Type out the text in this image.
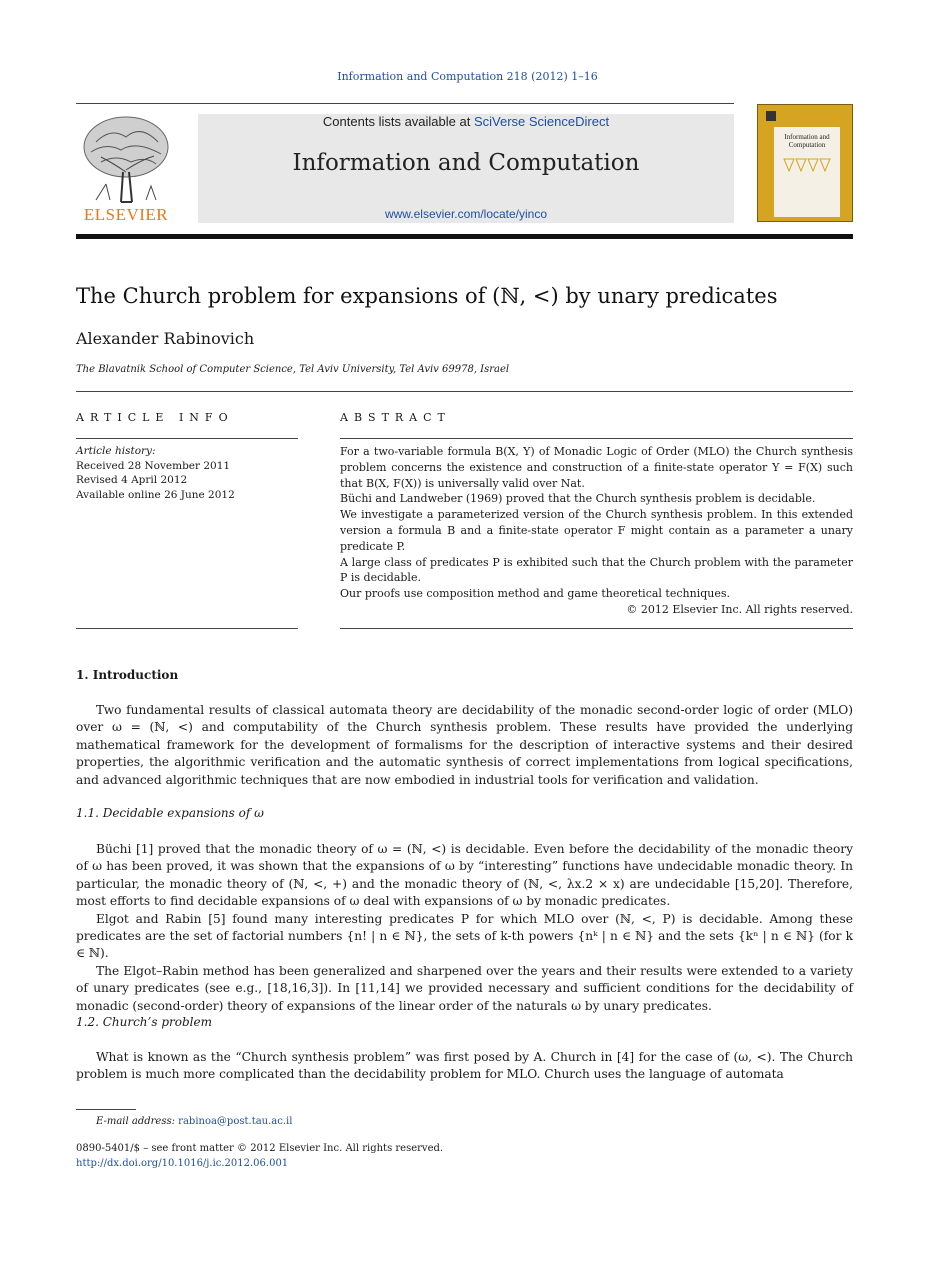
Information and Computation 218 (2012) 1–16
ELSEVIER
Contents lists available at SciVerse ScienceDirect
Information and Computation
www.elsevier.com/locate/yinco
Information and Computation
The Church problem for expansions of (ℕ, <) by unary predicates
Alexander Rabinovich
The Blavatnik School of Computer Science, Tel Aviv University, Tel Aviv 69978, Israel
ARTICLE INFO	ABSTRACT
Article history:
Received 28 November 2011
Revised 4 April 2012
Available online 26 June 2012

For a two-variable formula B(X, Y) of Monadic Logic of Order (MLO) the Church synthesis problem concerns the existence and construction of a finite-state operator Y = F(X) such that B(X, F(X)) is universally valid over Nat.

Büchi and Landweber (1969) proved that the Church synthesis problem is decidable.

We investigate a parameterized version of the Church synthesis problem. In this extended version a formula B and a finite-state operator F might contain as a parameter a unary predicate P.

A large class of predicates P is exhibited such that the Church problem with the parameter P is decidable.

Our proofs use composition method and game theoretical techniques.

© 2012 Elsevier Inc. All rights reserved.

1. Introduction

Two fundamental results of classical automata theory are decidability of the monadic second-order logic of order (MLO) over ω = (ℕ, <) and computability of the Church synthesis problem. These results have provided the underlying mathematical framework for the development of formalisms for the description of interactive systems and their desired properties, the algorithmic verification and the automatic synthesis of correct implementations from logical specifications, and advanced algorithmic techniques that are now embodied in industrial tools for verification and validation.

1.1. Decidable expansions of ω

Büchi [1] proved that the monadic theory of ω = (ℕ, <) is decidable. Even before the decidability of the monadic theory of ω has been proved, it was shown that the expansions of ω by “interesting” functions have undecidable monadic theory. In particular, the monadic theory of (ℕ, <, +) and the monadic theory of (ℕ, <, λx.2 × x) are undecidable [15,20]. Therefore, most efforts to find decidable expansions of ω deal with expansions of ω by monadic predicates.

Elgot and Rabin [5] found many interesting predicates P for which MLO over (ℕ, <, P) is decidable. Among these predicates are the set of factorial numbers {n! | n ∈ ℕ}, the sets of k-th powers {nᵏ | n ∈ ℕ} and the sets {kⁿ | n ∈ ℕ} (for k ∈ ℕ).

The Elgot–Rabin method has been generalized and sharpened over the years and their results were extended to a variety of unary predicates (see e.g., [18,16,3]). In [11,14] we provided necessary and sufficient conditions for the decidability of monadic (second-order) theory of expansions of the linear order of the naturals ω by unary predicates.

1.2. Church’s problem

What is known as the “Church synthesis problem” was first posed by A. Church in [4] for the case of (ω, <). The Church problem is much more complicated than the decidability problem for MLO. Church uses the language of automata

E-mail address: rabinoa@post.tau.ac.il
0890-5401/$ – see front matter © 2012 Elsevier Inc. All rights reserved.
http://dx.doi.org/10.1016/j.ic.2012.06.001
